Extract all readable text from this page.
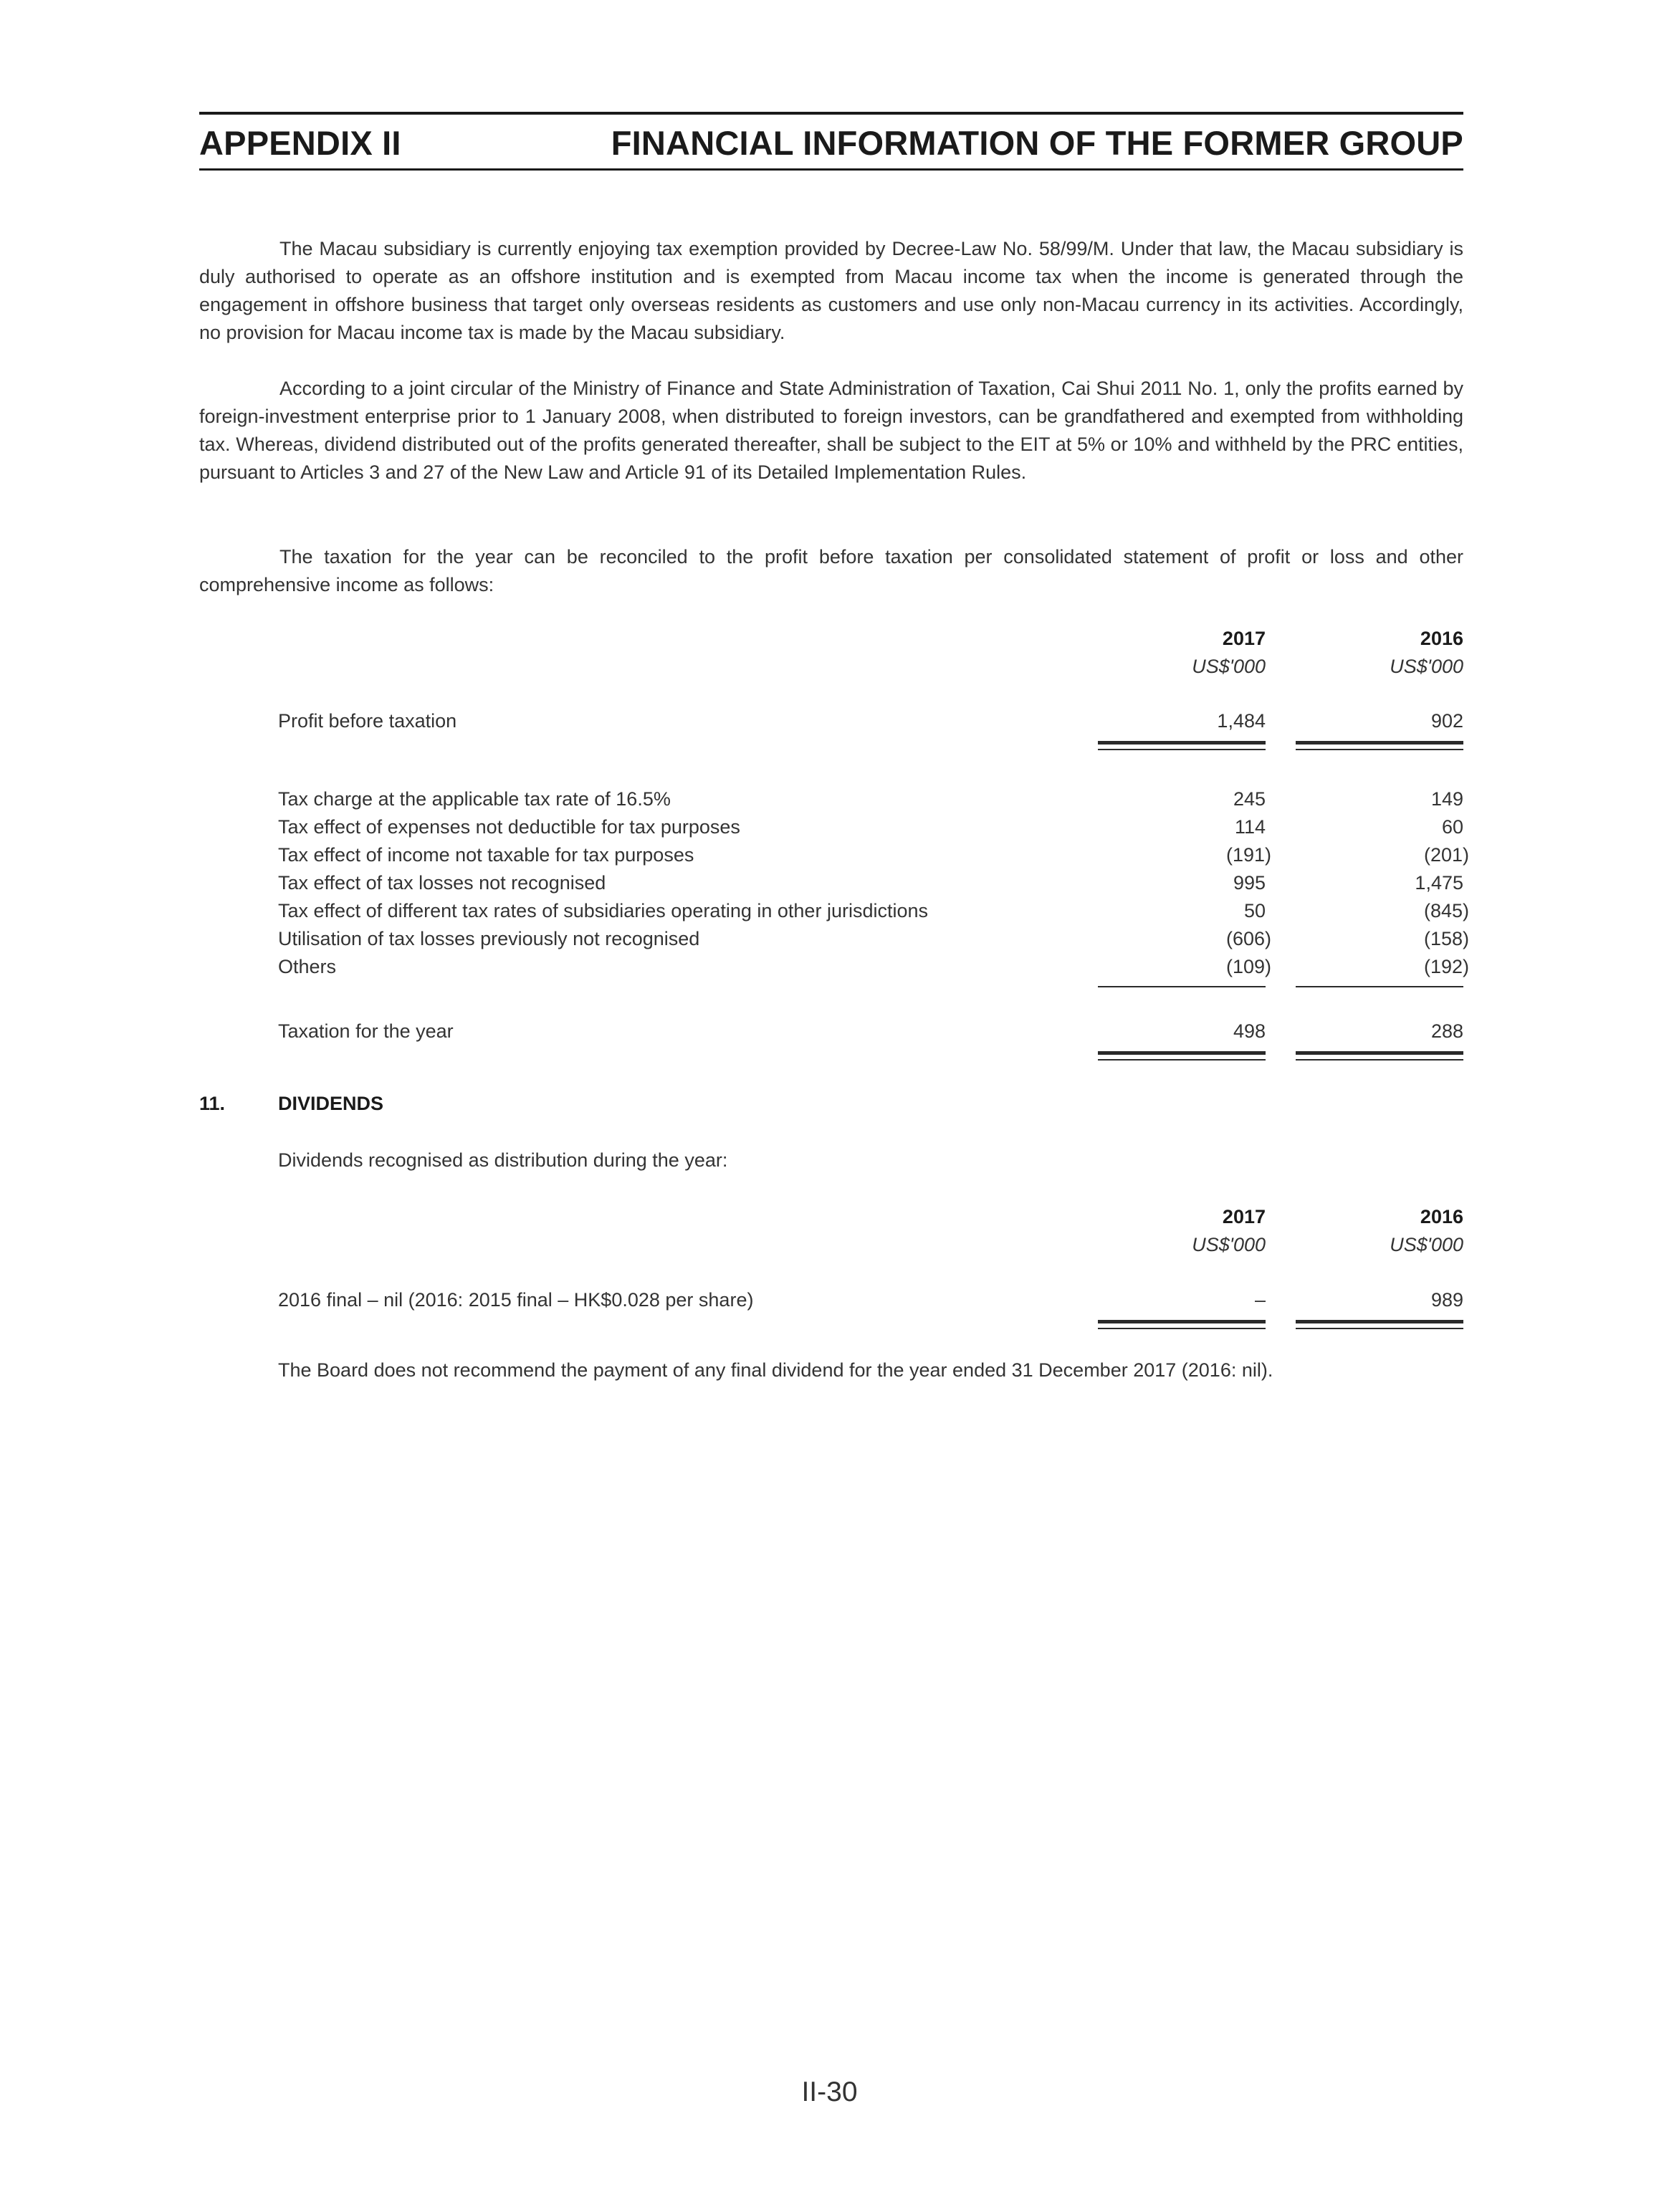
APPENDIX II	FINANCIAL INFORMATION OF THE FORMER GROUP

The Macau subsidiary is currently enjoying tax exemption provided by Decree-Law No. 58/99/M. Under that law, the Macau subsidiary is duly authorised to operate as an offshore institution and is exempted from Macau income tax when the income is generated through the engagement in offshore business that target only overseas residents as customers and use only non-Macau currency in its activities. Accordingly, no provision for Macau income tax is made by the Macau subsidiary.

According to a joint circular of the Ministry of Finance and State Administration of Taxation, Cai Shui 2011 No. 1, only the profits earned by foreign-investment enterprise prior to 1 January 2008, when distributed to foreign investors, can be grandfathered and exempted from withholding tax. Whereas, dividend distributed out of the profits generated thereafter, shall be subject to the EIT at 5% or 10% and withheld by the PRC entities, pursuant to Articles 3 and 27 of the New Law and Article 91 of its Detailed Implementation Rules.

The taxation for the year can be reconciled to the profit before taxation per consolidated statement of profit or loss and other comprehensive income as follows:

2017	2016
US$'000	US$'000
Profit before taxation	1,484	902
Tax charge at the applicable tax rate of 16.5%	245	149
Tax effect of expenses not deductible for tax purposes	114	60
Tax effect of income not taxable for tax purposes	(191)	(201)
Tax effect of tax losses not recognised	995	1,475
Tax effect of different tax rates of subsidiaries operating in other jurisdictions	50	(845)
Utilisation of tax losses previously not recognised	(606)	(158)
Others	(109)	(192)
Taxation for the year	498	288
11.	DIVIDENDS
Dividends recognised as distribution during the year:
2017	2016
US$'000	US$'000
2016 final – nil (2016: 2015 final – HK$0.028 per share)	–	989
The Board does not recommend the payment of any final dividend for the year ended 31 December 2017 (2016: nil).
II-30
